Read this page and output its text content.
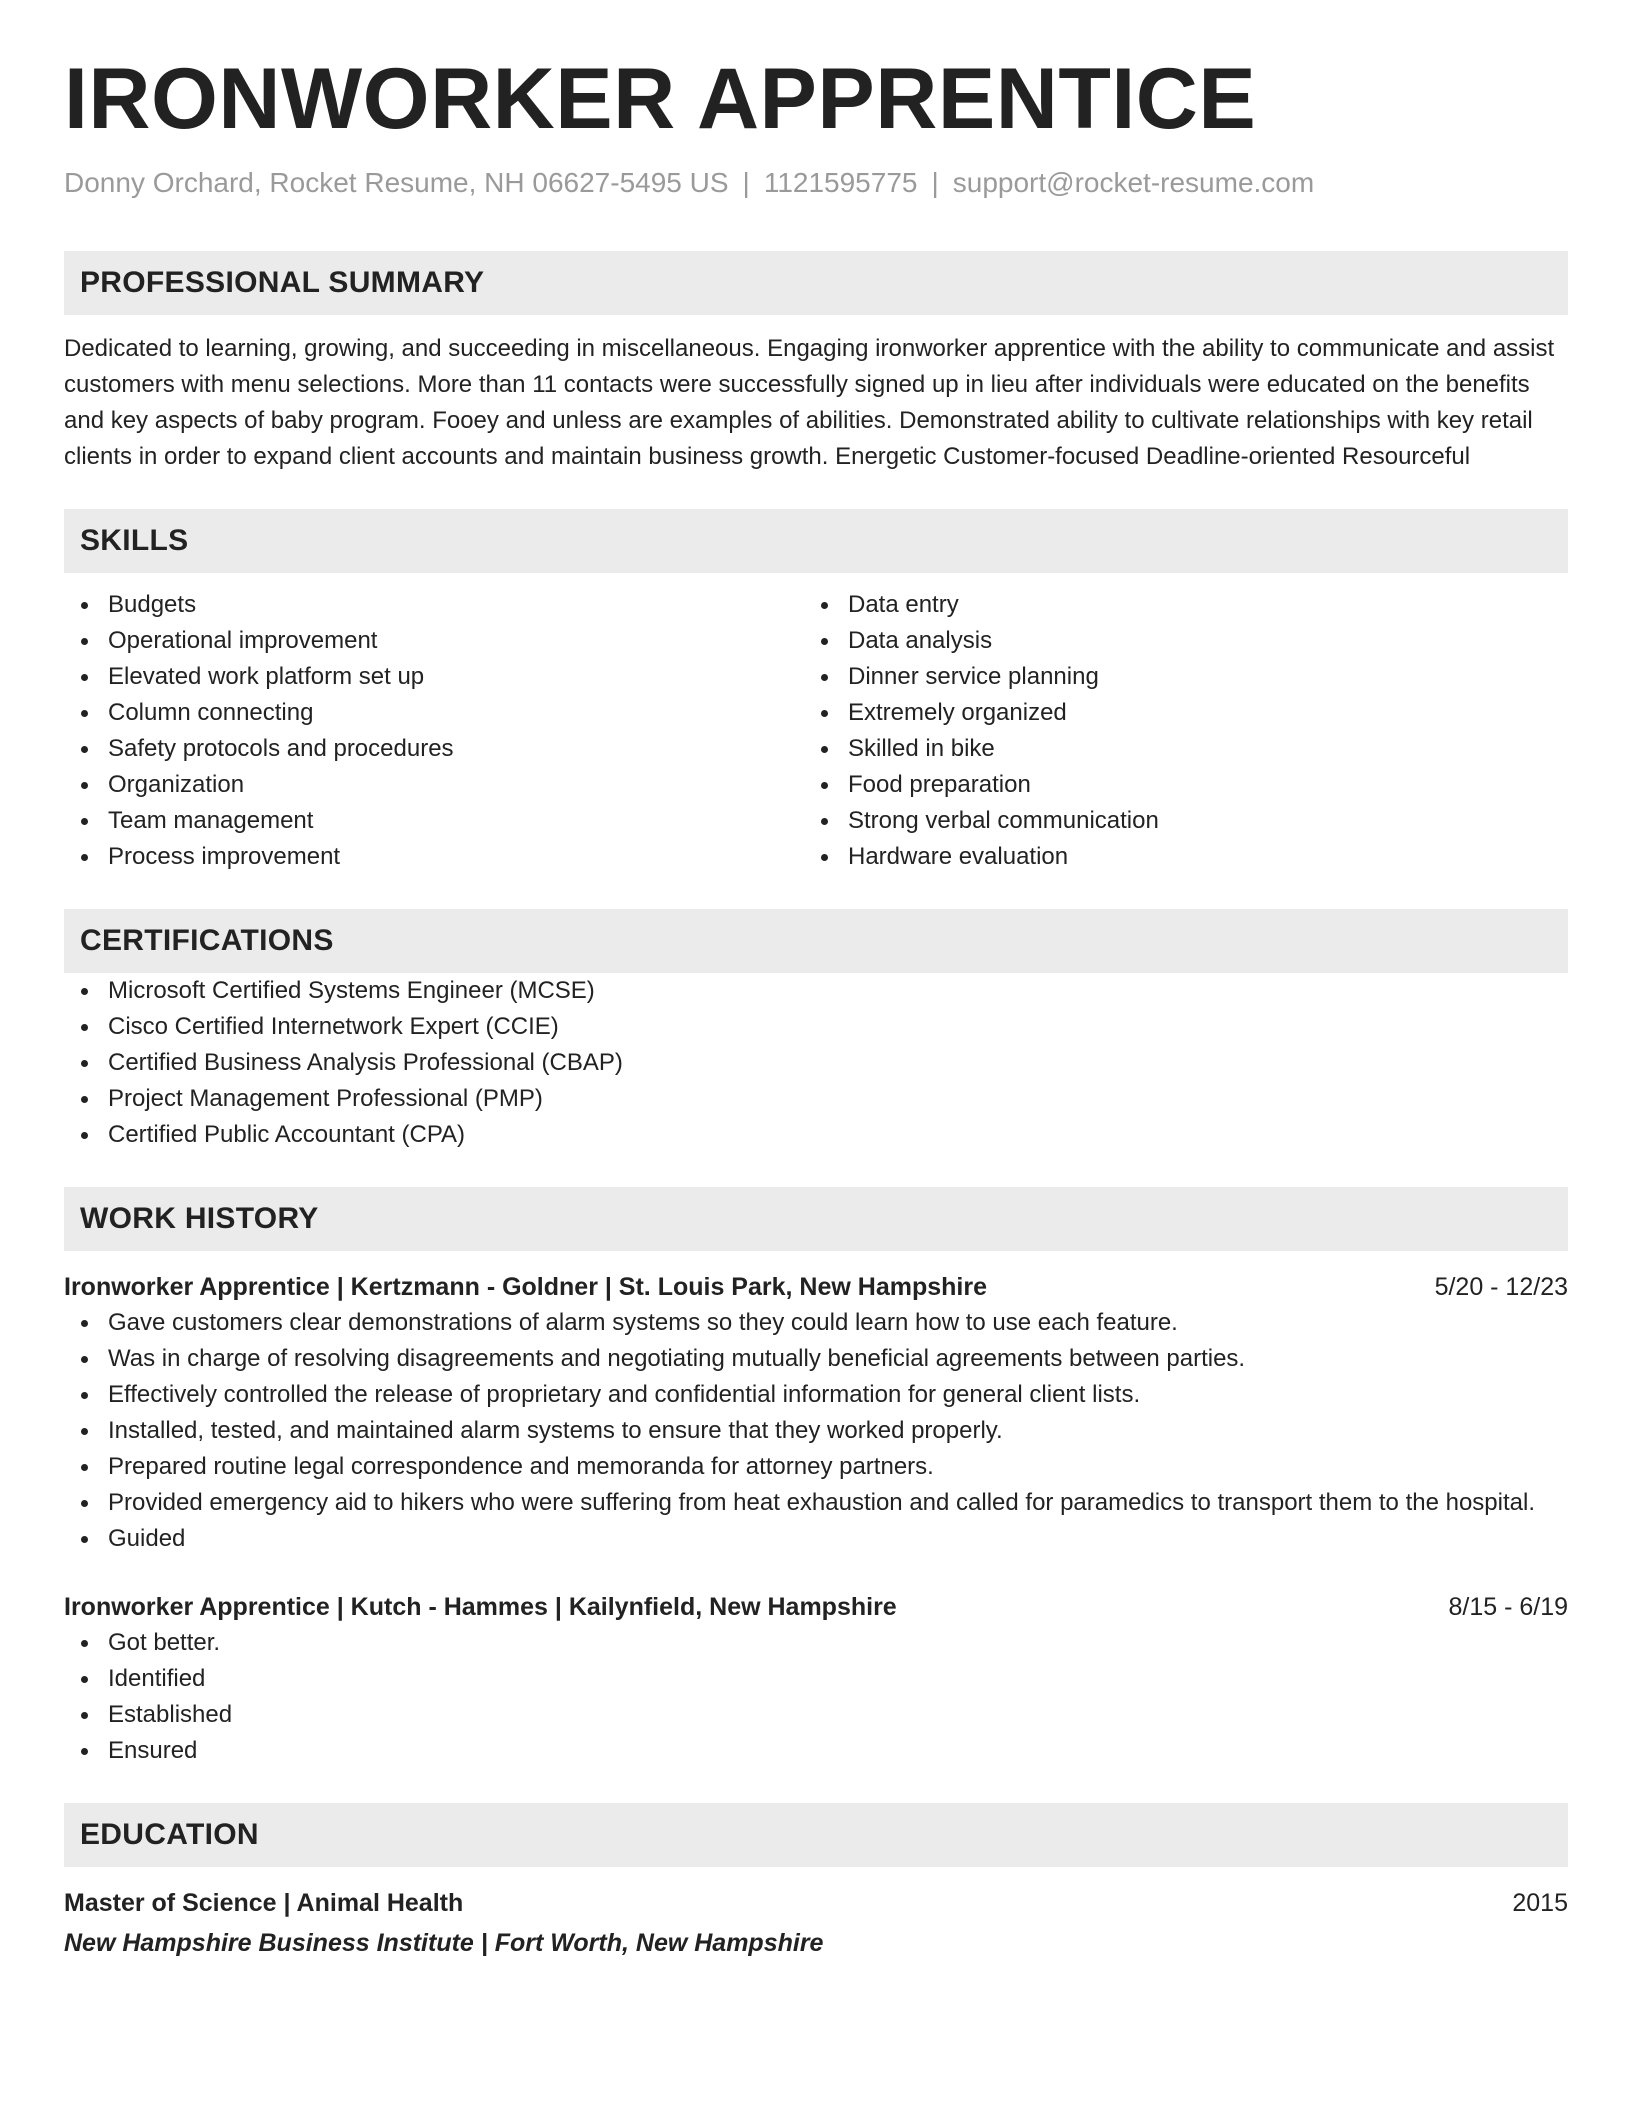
IRONWORKER APPRENTICE
Donny Orchard, Rocket Resume, NH 06627-5495 US | 1121595775 | support@rocket-resume.com
PROFESSIONAL SUMMARY
Dedicated to learning, growing, and succeeding in miscellaneous. Engaging ironworker apprentice with the ability to communicate and assist customers with menu selections. More than 11 contacts were successfully signed up in lieu after individuals were educated on the benefits and key aspects of baby program. Fooey and unless are examples of abilities. Demonstrated ability to cultivate relationships with key retail clients in order to expand client accounts and maintain business growth. Energetic Customer-focused Deadline-oriented Resourceful
SKILLS
Budgets
Operational improvement
Elevated work platform set up
Column connecting
Safety protocols and procedures
Organization
Team management
Process improvement
Data entry
Data analysis
Dinner service planning
Extremely organized
Skilled in bike
Food preparation
Strong verbal communication
Hardware evaluation
CERTIFICATIONS
Microsoft Certified Systems Engineer (MCSE)
Cisco Certified Internetwork Expert (CCIE)
Certified Business Analysis Professional (CBAP)
Project Management Professional (PMP)
Certified Public Accountant (CPA)
WORK HISTORY
Ironworker Apprentice | Kertzmann - Goldner | St. Louis Park, New Hampshire	5/20 - 12/23
Gave customers clear demonstrations of alarm systems so they could learn how to use each feature.
Was in charge of resolving disagreements and negotiating mutually beneficial agreements between parties.
Effectively controlled the release of proprietary and confidential information for general client lists.
Installed, tested, and maintained alarm systems to ensure that they worked properly.
Prepared routine legal correspondence and memoranda for attorney partners.
Provided emergency aid to hikers who were suffering from heat exhaustion and called for paramedics to transport them to the hospital.
Guided
Ironworker Apprentice | Kutch - Hammes | Kailynfield, New Hampshire	8/15 - 6/19
Got better.
Identified
Established
Ensured
EDUCATION
Master of Science | Animal Health	2015
New Hampshire Business Institute | Fort Worth, New Hampshire
